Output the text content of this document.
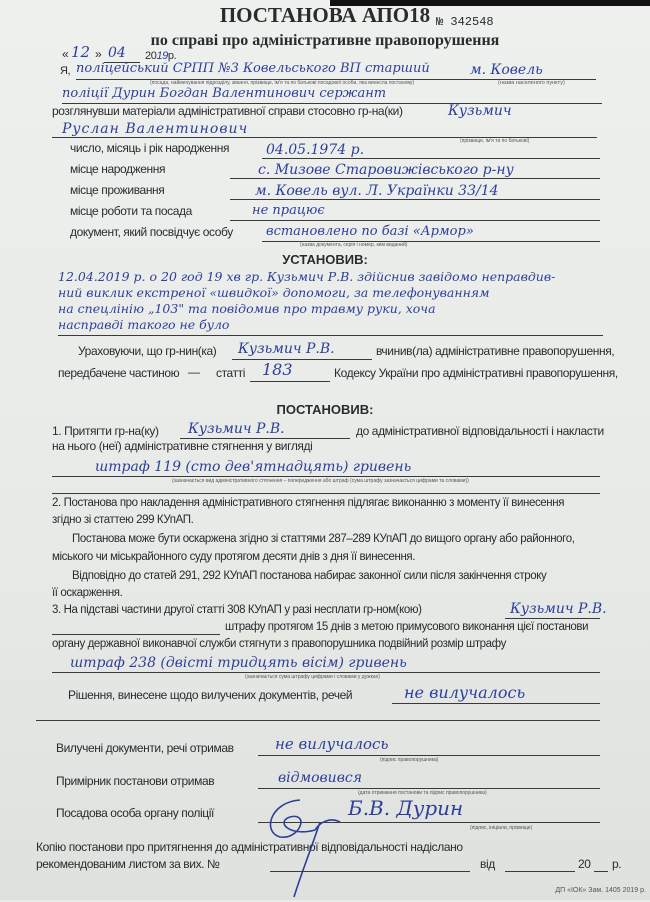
ПОСТАНОВА АПО18 № 342548
по справі про адміністративне правопорушення
« 12 » 04 2019р.
Я, поліцейський СРПП №3 Ковельського ВП старший	м. Ковель
(назва населеного пункту)
(посада, найменування підрозділу, звання, прізвище, ім'я та по батькові посадової особи, яка винесла постанову)
поліції Дурин Богдан Валентинович сержант
розглянувши матеріали адміністративної справи стосовно гр-на(ки)	Кузьмич
(прізвище, ім'я та по батькові)
Руслан Валентинович
число, місяць і рік народження	04.05.1974 р.
місце народження	с. Мизове Старовижівського р-ну
місце проживання	м. Ковель вул. Л. Українки 33/14
місце роботи та посада	не працює
документ, який посвідчує особу	встановлено по базі «Армор»
(назва документа, серія і номер, ким виданий)
УСТАНОВИВ:
12.04.2019 р. о 20 год 19 хв гр. Кузьмич Р.В. здійснив завідомо неправдив-
ний виклик екстреної «швидкої» допомоги, за телефонуванням
на спецлінію „103" та повідомив про травму руки, хоча
насправді такого не було
Ураховуючи, що гр-нин(ка) Кузьмич Р.В.	вчинив(ла) адміністративне правопорушення,
передбачене частиною — статті 183	Кодексу України про адміністративні правопорушення,
ПОСТАНОВИВ:
1. Притягти гр-на(ку) Кузьмич Р.В.	до адміністративної відповідальності і накласти
на нього (неї) адміністративне стягнення у вигляді
штраф 119 (сто дев'ятнадцять) гривень
(зазначається вид адміністративного стягнення – попередження або штраф (сума штрафу зазначається цифрами та словами))
2. Постанова про накладення адміністративного стягнення підлягає виконанню з моменту її винесення
згідно зі статтею 299 КУпАП.
Постанова може бути оскаржена згідно зі статтями 287–289 КУпАП до вищого органу або районного,
міського чи міськрайонного суду протягом десяти днів з дня її винесення.
Відповідно до статей 291, 292 КУпАП постанова набирає законної сили після закінчення строку
її оскарження.
3. На підставі частини другої статті 308 КУпАП у разі несплати гр-ном(кою)	Кузьмич Р.В.
штрафу протягом 15 днів з метою примусового виконання цієї постанови
органу державної виконавчої служби стягнути з правопорушника подвійний розмір штрафу
штраф 238 (двісті тридцять вісім) гривень
(зазначається сума штрафу цифрами і словами у дужках)
Рішення, винесене щодо вилучених документів, речей	не вилучалось
Вилучені документи, речі отримав	не вилучалось
(підпис правопорушника)
Примірник постанови отримав	відмовився
(дата отримання постанови та підпис правопорушника)
Посадова особа органу поліції	Б.В. Дурин
(підпис, ініціали, прізвище)
Копію постанови про притягнення до адміністративної відповідальності надіслано
рекомендованим листом за вих. №	від	20 р.
ДП «ІОК» Зам. 1405 2019 р.
